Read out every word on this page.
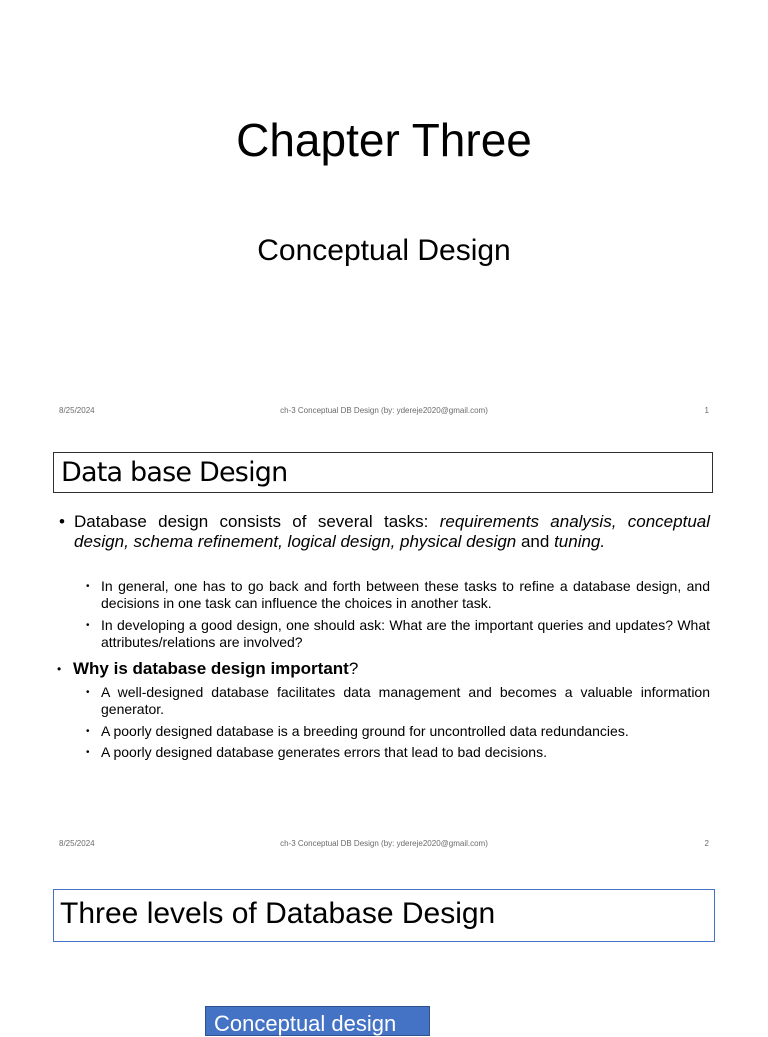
Chapter Three
Conceptual Design
8/25/2024	ch-3 Conceptual DB Design (by: ydereje2020@gmail.com)	1
Data base Design
• Database design consists of several tasks: requirements analysis, conceptual design, schema refinement, logical design, physical design and tuning.
• In general, one has to go back and forth between these tasks to refine a database design, and decisions in one task can influence the choices in another task.
• In developing a good design, one should ask: What are the important queries and updates? What attributes/relations are involved?
• Why is database design important?
• A well-designed database facilitates data management and becomes a valuable information generator.
• A poorly designed database is a breeding ground for uncontrolled data redundancies.
• A poorly designed database generates errors that lead to bad decisions.
8/25/2024	ch-3 Conceptual DB Design (by: ydereje2020@gmail.com)	2
Three levels of Database Design
Conceptual design
